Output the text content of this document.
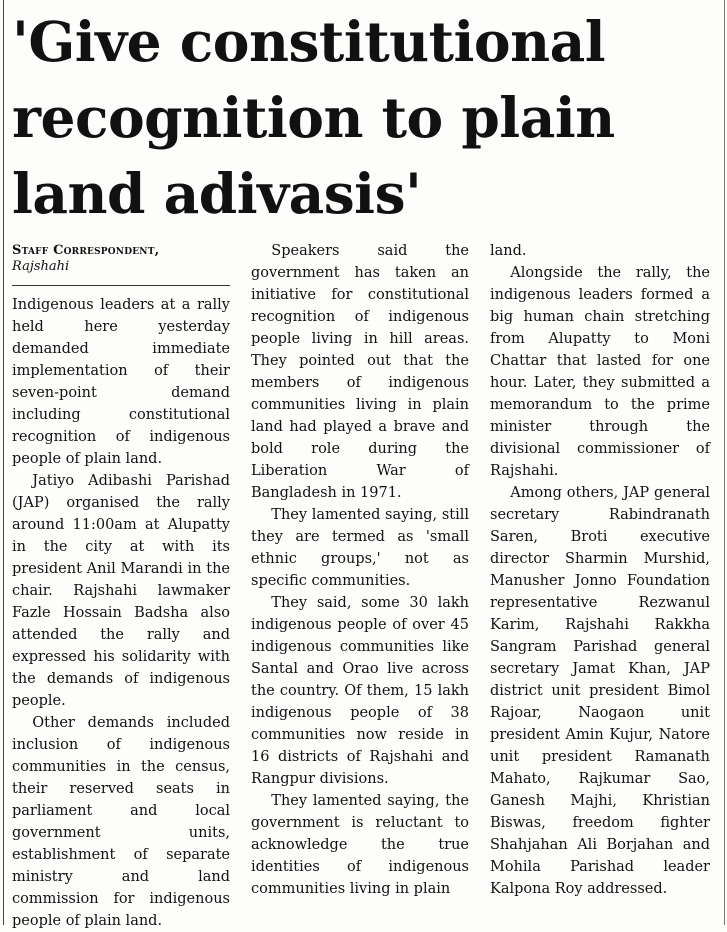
'Give constitutional recognition to plain land adivasis'
Staff Correspondent,
Rajshahi

Indigenous leaders at a rally held here yesterday demanded immediate implementation of their seven-point demand including constitutional recognition of indigenous people of plain land.

Jatiyo Adibashi Parishad (JAP) organised the rally around 11:00am at Alupatty in the city at with its president Anil Marandi in the chair. Rajshahi lawmaker Fazle Hossain Badsha also attended the rally and expressed his solidarity with the demands of indigenous people.

Other demands included inclusion of indigenous communities in the census, their reserved seats in parliament and local government units, establishment of separate ministry and land commission for indigenous people of plain land.

Speakers said the government has taken an initiative for constitutional recognition of indigenous people living in hill areas. They pointed out that the members of indigenous communities living in plain land had played a brave and bold role during the Liberation War of Bangladesh in 1971.

They lamented saying, still they are termed as 'small ethnic groups,' not as specific communities.

They said, some 30 lakh indigenous people of over 45 indigenous communities like Santal and Orao live across the country. Of them, 15 lakh indigenous people of 38 communities now reside in 16 districts of Rajshahi and Rangpur divisions.

They lamented saying, the government is reluctant to acknowledge the true identities of indigenous communities living in plain

land.

Alongside the rally, the indigenous leaders formed a big human chain stretching from Alupatty to Moni Chattar that lasted for one hour. Later, they submitted a memorandum to the prime minister through the divisional commissioner of Rajshahi.

Among others, JAP general secretary Rabindranath Saren, Broti executive director Sharmin Murshid, Manusher Jonno Foundation representative Rezwanul Karim, Rajshahi Rakkha Sangram Parishad general secretary Jamat Khan, JAP district unit president Bimol Rajoar, Naogaon unit president Amin Kujur, Natore unit president Ramanath Mahato, Rajkumar Sao, Ganesh Majhi, Khristian Biswas, freedom fighter Shahjahan Ali Borjahan and Mohila Parishad leader Kalpona Roy addressed.
